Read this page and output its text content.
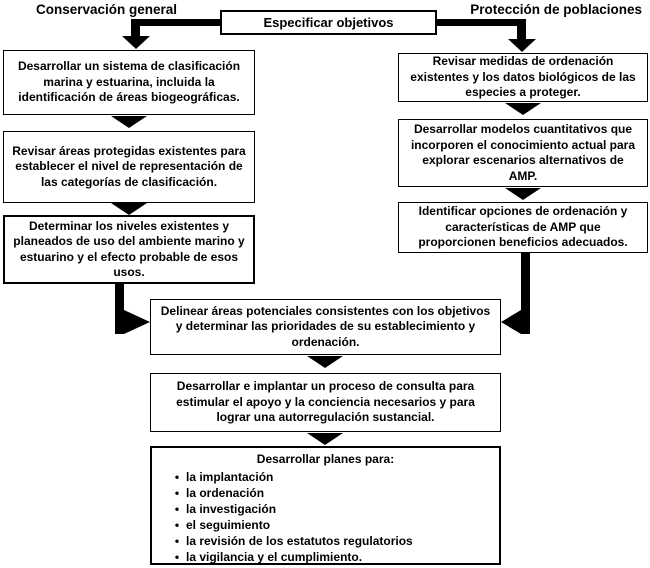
Conservación general	Protección de poblaciones
Especificar objetivos
Desarrollar un sistema de clasificación marina y estuarina, incluida la identificación de áreas biogeográficas.
Revisar áreas protegidas existentes para establecer el nivel de representación de las categorías de clasificación.
Determinar los niveles existentes y planeados de uso del ambiente marino y estuarino y el efecto probable de esos usos.
Revisar medidas de ordenación existentes y los datos biológicos de las especies a proteger.
Desarrollar modelos cuantitativos que incorporen el conocimiento actual para explorar escenarios alternativos de AMP.
Identificar opciones de ordenación y características de AMP que proporcionen beneficios adecuados.
Delinear áreas potenciales consistentes con los objetivos y determinar las prioridades de su establecimiento y ordenación.
Desarrollar e implantar un proceso de consulta para estimular el apoyo y la conciencia necesarios y para lograr una autorregulación sustancial.
Desarrollar planes para:
• la implantación
• la ordenación
• la investigación
• el seguimiento
• la revisión de los estatutos regulatorios
• la vigilancia y el cumplimiento.
